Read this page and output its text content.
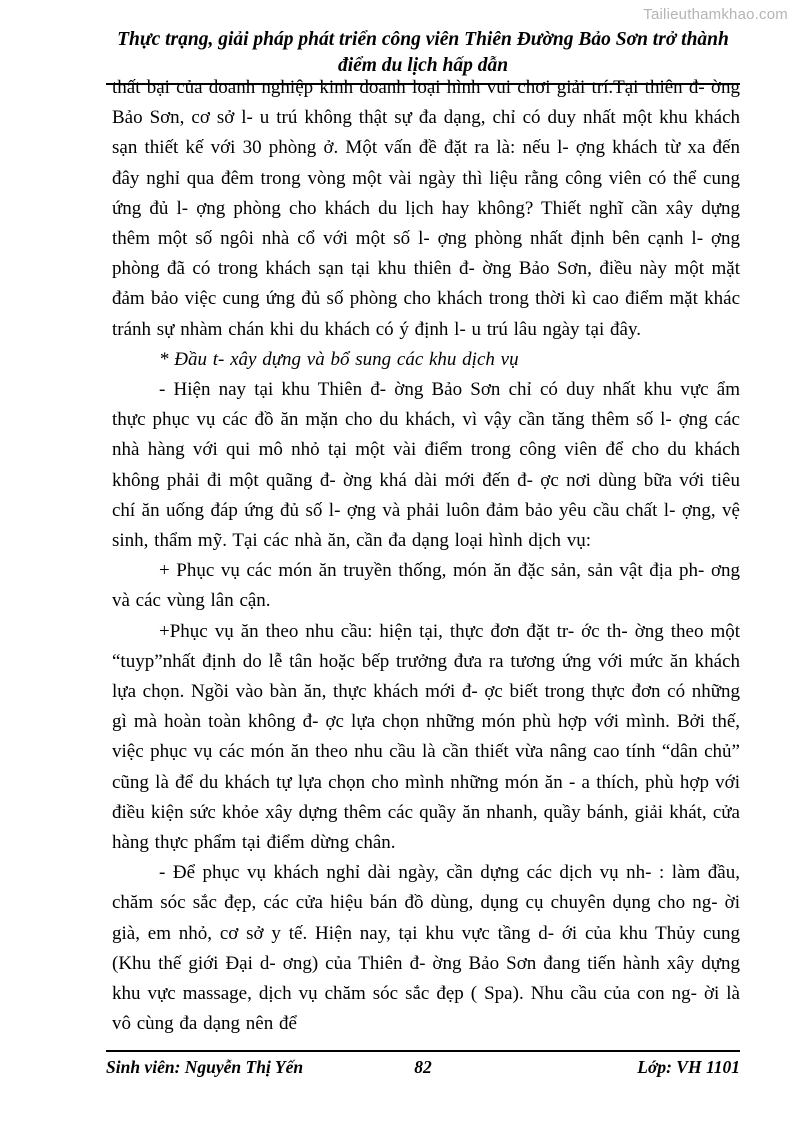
Tailieuthamkhao.com
Thực trạng, giải pháp phát triển công viên Thiên Đường Bảo Sơn trở thành
điểm du lịch hấp dẫn

thất bại của doanh nghiệp kinh doanh loại hình vui chơi giải trí.Tại thiên đ- ờng Bảo Sơn, cơ sở l- u trú không thật sự đa dạng, chỉ có duy nhất một khu khách sạn thiết kế với 30 phòng ở. Một vấn đề đặt ra là: nếu l- ợng khách từ xa đến đây nghỉ qua đêm trong vòng một vài ngày thì liệu rằng công viên có thể cung ứng đủ l- ợng phòng cho khách du lịch hay không? Thiết nghĩ cần xây dựng thêm một số ngôi nhà cổ với một số l- ợng phòng nhất định bên cạnh l- ợng phòng đã có trong khách sạn tại khu thiên đ- ờng Bảo Sơn, điều này một mặt đảm bảo việc cung ứng đủ số phòng cho khách trong thời kì cao điểm mặt khác tránh sự nhàm chán khi du khách có ý định l- u trú lâu ngày tại đây.

* Đầu t- xây dựng và bổ sung các khu dịch vụ

- Hiện nay tại khu Thiên đ- ờng Bảo Sơn chỉ có duy nhất khu vực ẩm thực phục vụ các đồ ăn mặn cho du khách, vì vậy cần tăng thêm số l- ợng các nhà hàng với qui mô nhỏ tại một vài điểm trong công viên để cho du khách không phải đi một quãng đ- ờng khá dài mới đến đ- ợc nơi dùng bữa với tiêu chí ăn uống đáp ứng đủ số l- ợng và phải luôn đảm bảo yêu cầu chất l- ợng, vệ sinh, thẩm mỹ. Tại các nhà ăn, cần đa dạng loại hình dịch vụ:

+ Phục vụ các món ăn truyền thống, món ăn đặc sản, sản vật địa ph- ơng và các vùng lân cận.

+Phục vụ ăn theo nhu cầu: hiện tại, thực đơn đặt tr- ớc th- ờng theo một “tuyp”nhất định do lễ tân hoặc bếp trưởng đưa ra tương ứng với mức ăn khách lựa chọn. Ngồi vào bàn ăn, thực khách mới đ- ợc biết trong thực đơn có những gì mà hoàn toàn không đ- ợc lựa chọn những món phù hợp với mình. Bởi thế, việc phục vụ các món ăn theo nhu cầu là cần thiết vừa nâng cao tính “dân chủ” cũng là để du khách tự lựa chọn cho mình những món ăn - a thích, phù hợp với điều kiện sức khỏe xây dựng thêm các quầy ăn nhanh, quầy bánh, giải khát, cửa hàng thực phẩm tại điểm dừng chân.

- Để phục vụ khách nghỉ dài ngày, cần dựng các dịch vụ nh- : làm đầu, chăm sóc sắc đẹp, các cửa hiệu bán đồ dùng, dụng cụ chuyên dụng cho ng- ời già, em nhỏ, cơ sở y tế. Hiện nay, tại khu vực tầng d- ới của khu Thủy cung (Khu thế giới Đại d- ơng) của Thiên đ- ờng Bảo Sơn đang tiến hành xây dựng khu vực massage, dịch vụ chăm sóc sắc đẹp ( Spa). Nhu cầu của con ng- ời là vô cùng đa dạng nên để

Sinh viên: Nguyễn Thị Yến	82	Lớp: VH 1101
